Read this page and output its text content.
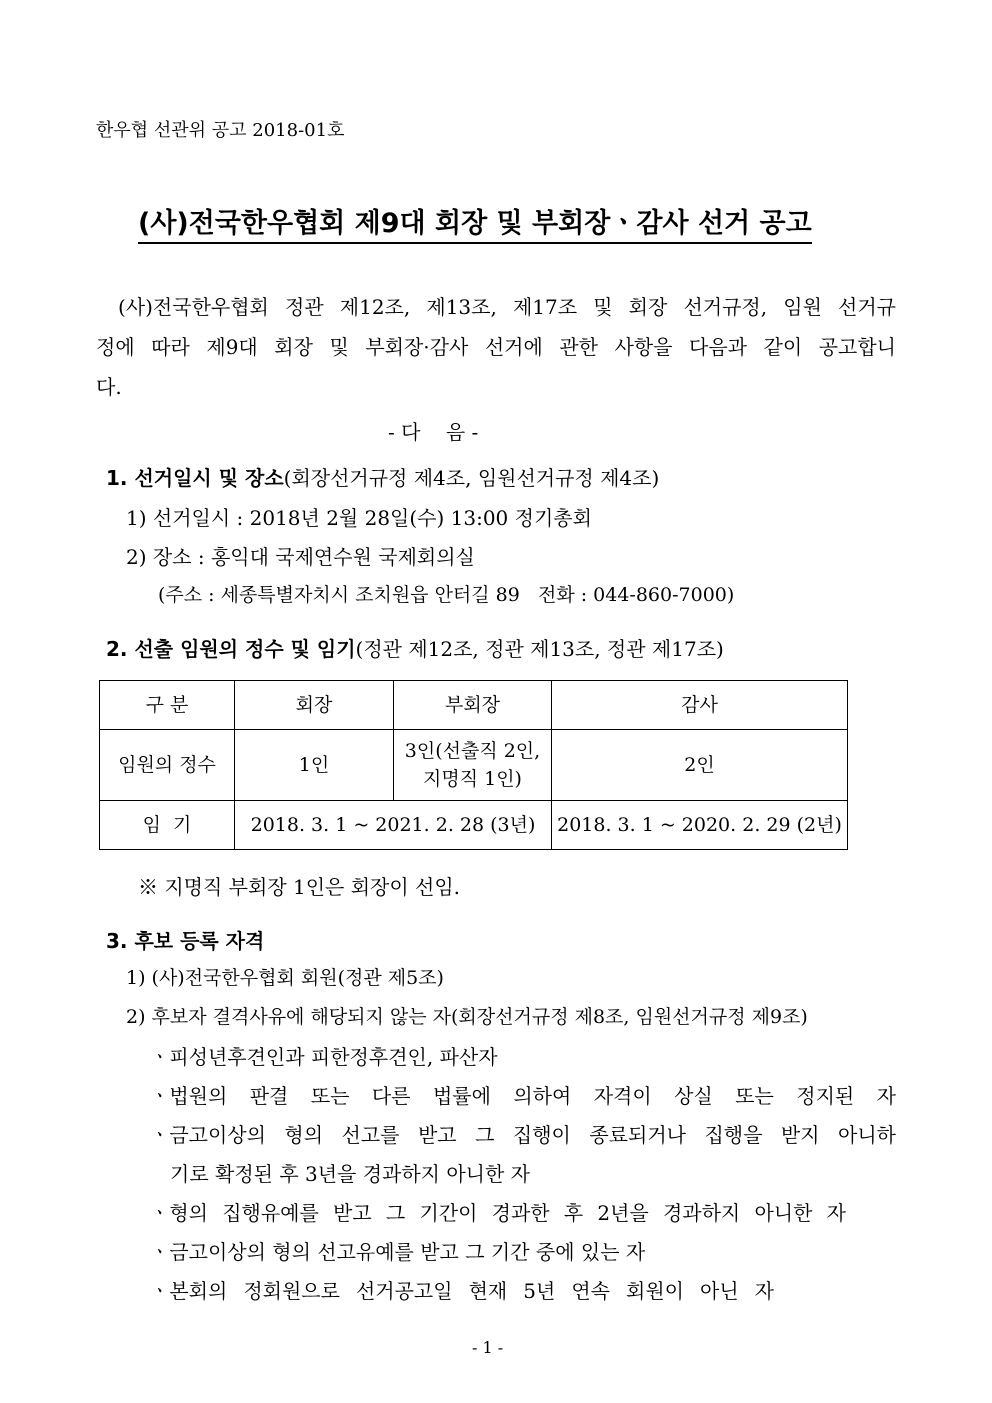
한우협 선관위 공고 2018-01호
(사)전국한우협회 제9대 회장 및 부회장ㆍ감사 선거 공고
(사)전국한우협회 정관 제12조, 제13조, 제17조 및 회장 선거규정, 임원 선거규
정에 따라 제9대 회장 및 부회장·감사 선거에 관한 사항을 다음과 같이 공고합니
다.
- 다    음 -
1. 선거일시 및 장소(회장선거규정 제4조, 임원선거규정 제4조)
1) 선거일시 : 2018년 2월 28일(수) 13:00 정기총회
2) 장소 : 홍익대 국제연수원 국제회의실
(주소 : 세종특별자치시 조치원읍 안터길 89   전화 : 044-860-7000)
2. 선출 임원의 정수 및 임기(정관 제12조, 정관 제13조, 정관 제17조)
구 분	회장	부회장	감사
임원의 정수	1인	3인(선출직 2인,
지명직 1인)	2인
임  기	2018. 3. 1 ~ 2021. 2. 28 (3년)		2018. 3. 1 ~ 2020. 2. 29 (2년)
※ 지명직 부회장 1인은 회장이 선임.
3. 후보 등록 자격
1) (사)전국한우협회 회원(정관 제5조)
2) 후보자 결격사유에 해당되지 않는 자(회장선거규정 제8조, 임원선거규정 제9조)
ㆍ피성년후견인과 피한정후견인, 파산자
ㆍ법원의 판결 또는 다른 법률에 의하여 자격이 상실 또는 정지된 자
ㆍ금고이상의 형의 선고를 받고 그 집행이 종료되거나 집행을 받지 아니하
기로 확정된 후 3년을 경과하지 아니한 자
ㆍ형의 집행유예를 받고 그 기간이 경과한 후 2년을 경과하지 아니한 자
ㆍ금고이상의 형의 선고유예를 받고 그 기간 중에 있는 자
ㆍ본회의 정회원으로 선거공고일 현재 5년 연속 회원이 아닌 자
- 1 -
